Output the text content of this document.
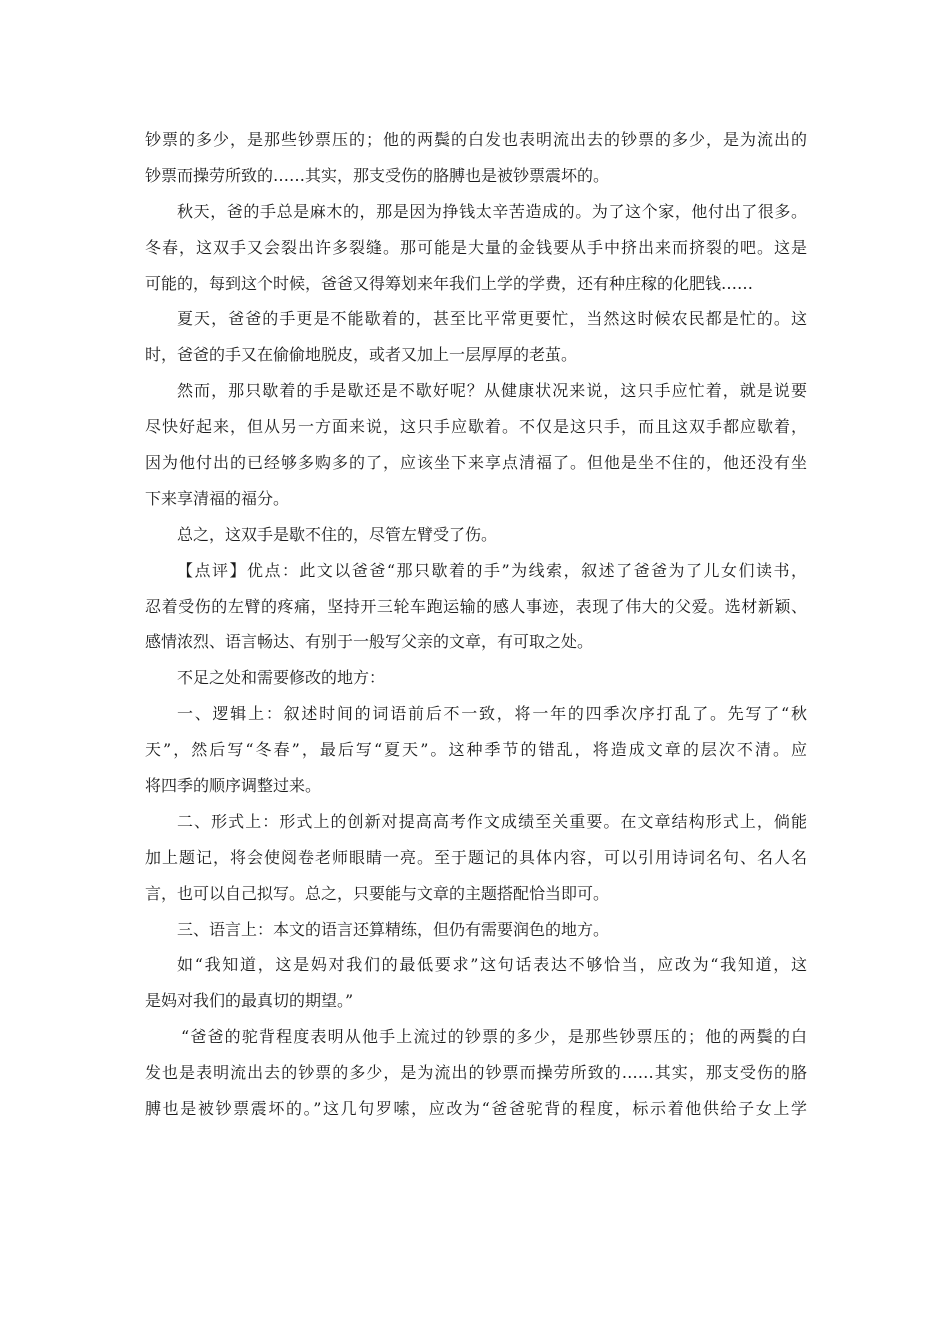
钞票的多少，是那些钞票压的；他的两鬓的白发也表明流出去的钞票的多少，是为流出的
钞票而操劳所致的……其实，那支受伤的胳膊也是被钞票震坏的。
秋天，爸的手总是麻木的，那是因为挣钱太辛苦造成的。为了这个家，他付出了很多。
冬春，这双手又会裂出许多裂缝。那可能是大量的金钱要从手中挤出来而挤裂的吧。这是
可能的，每到这个时候，爸爸又得筹划来年我们上学的学费，还有种庄稼的化肥钱……
夏天，爸爸的手更是不能歇着的，甚至比平常更要忙，当然这时候农民都是忙的。这
时，爸爸的手又在偷偷地脱皮，或者又加上一层厚厚的老茧。
然而，那只歇着的手是歇还是不歇好呢？从健康状况来说，这只手应忙着，就是说要
尽快好起来，但从另一方面来说，这只手应歇着。不仅是这只手，而且这双手都应歇着，
因为他付出的已经够多购多的了，应该坐下来享点清福了。但他是坐不住的，他还没有坐
下来享清福的福分。
总之，这双手是歇不住的，尽管左臂受了伤。
【点评】优点：此文以爸爸“那只歇着的手”为线索，叙述了爸爸为了儿女们读书，
忍着受伤的左臂的疼痛，坚持开三轮车跑运输的感人事迹，表现了伟大的父爱。选材新颖、
感情浓烈、语言畅达、有别于一般写父亲的文章，有可取之处。
不足之处和需要修改的地方：
一、逻辑上：叙述时间的词语前后不一致，将一年的四季次序打乱了。先写了“秋
天”，然后写“冬春”，最后写“夏天”。这种季节的错乱，将造成文章的层次不清。应
将四季的顺序调整过来。
二、形式上：形式上的创新对提高高考作文成绩至关重要。在文章结构形式上，倘能
加上题记，将会使阅卷老师眼睛一亮。至于题记的具体内容，可以引用诗词名句、名人名
言，也可以自己拟写。总之，只要能与文章的主题搭配恰当即可。
三、语言上：本文的语言还算精练，但仍有需要润色的地方。
如“我知道，这是妈对我们的最低要求”这句话表达不够恰当，应改为“我知道，这
是妈对我们的最真切的期望。”
“爸爸的驼背程度表明从他手上流过的钞票的多少，是那些钞票压的；他的两鬓的白
发也是表明流出去的钞票的多少，是为流出的钞票而操劳所致的……其实，那支受伤的胳
膊也是被钞票震坏的。”这几句罗嗦，应改为“爸爸驼背的程度，标示着他供给子女上学
